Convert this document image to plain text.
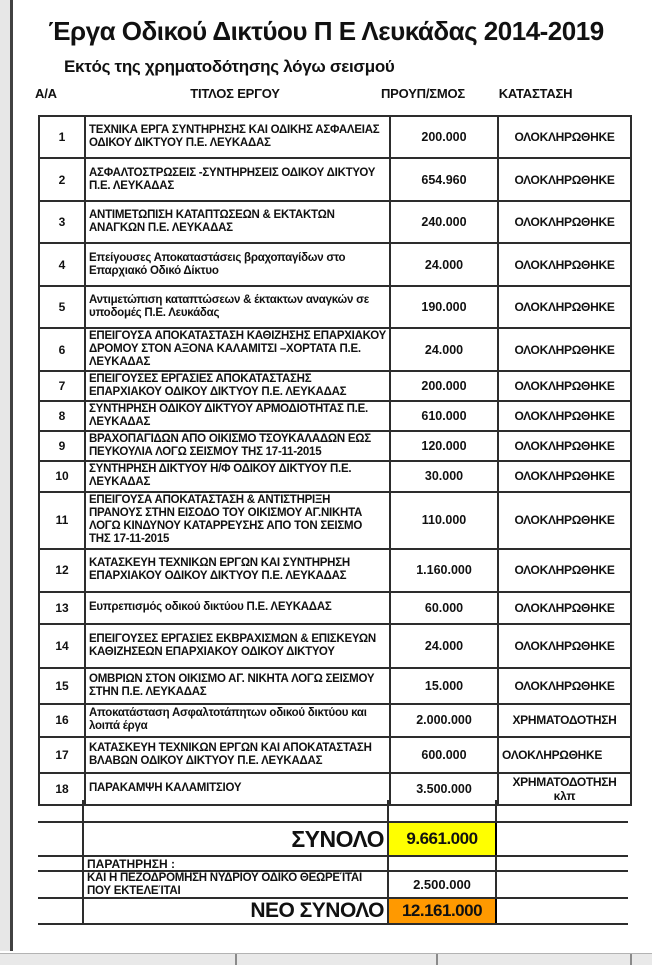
Έργα Οδικού Δικτύου Π Ε Λευκάδας 2014-2019
Εκτός της χρηματοδότησης λόγω σεισμού
Α/Α	ΤΙΤΛΟΣ ΕΡΓΟΥ	ΠΡΟΥΠ/ΣΜΟΣ	ΚΑΤΑΣΤΑΣΗ
1	ΤΕΧΝΙΚΑ ΕΡΓΑ ΣΥΝΤΗΡΗΣΗΣ ΚΑΙ ΟΔΙΚΗΣ ΑΣΦΑΛΕΙΑΣ ΟΔΙΚΟΥ ΔΙΚΤΥΟΥ Π.Ε. ΛΕΥΚΑΔΑΣ	200.000	ΟΛΟΚΛΗΡΩΘΗΚΕ
2	ΑΣΦΑΛΤΟΣΤΡΩΣΕΙΣ -ΣΥΝΤΗΡΗΣΕΙΣ ΟΔΙΚΟΥ ΔΙΚΤΥΟΥ Π.Ε. ΛΕΥΚΑΔΑΣ	654.960	ΟΛΟΚΛΗΡΩΘΗΚΕ
3	ΑΝΤΙΜΕΤΩΠΙΣΗ ΚΑΤΑΠΤΩΣΕΩΝ & ΕΚΤΑΚΤΩΝ ΑΝΑΓΚΩΝ Π.Ε. ΛΕΥΚΑΔΑΣ	240.000	ΟΛΟΚΛΗΡΩΘΗΚΕ
4	Επείγουσες Αποκαταστάσεις βραχοπαγίδων στο Επαρχιακό Οδικό Δίκτυο	24.000	ΟΛΟΚΛΗΡΩΘΗΚΕ
5	Αντιμετώπιση καταπτώσεων & έκτακτων αναγκών σε υποδομές Π.Ε. Λευκάδας	190.000	ΟΛΟΚΛΗΡΩΘΗΚΕ
6	ΕΠΕΙΓΟΥΣΑ ΑΠΟΚΑΤΑΣΤΑΣΗ ΚΑΘΙΖΗΣΗΣ ΕΠΑΡΧΙΑΚΟΥ ΔΡΟΜΟΥ ΣΤΟΝ ΑΞΟΝΑ ΚΑΛΑΜΙΤΣΙ –ΧΟΡΤΑΤΑ Π.Ε. ΛΕΥΚΑΔΑΣ	24.000	ΟΛΟΚΛΗΡΩΘΗΚΕ
7	ΕΠΕΙΓΟΥΣΕΣ ΕΡΓΑΣΙΕΣ ΑΠΟΚΑΤΑΣΤΑΣΗΣ ΕΠΑΡΧΙΑΚΟΥ ΟΔΙΚΟΥ ΔΙΚΤΥΟΥ Π.Ε. ΛΕΥΚΑΔΑΣ	200.000	ΟΛΟΚΛΗΡΩΘΗΚΕ
8	ΣΥΝΤΗΡΗΣΗ ΟΔΙΚΟΥ ΔΙΚΤΥΟΥ ΑΡΜΟΔΙΟΤΗΤΑΣ Π.Ε. ΛΕΥΚΑΔΑΣ	610.000	ΟΛΟΚΛΗΡΩΘΗΚΕ
9	ΒΡΑΧΟΠΑΓΙΔΩΝ ΑΠΟ ΟΙΚΙΣΜΟ ΤΣΟΥΚΑΛΑΔΩΝ ΕΩΣ ΠΕΥΚΟΥΛΙΑ ΛΟΓΩ ΣΕΙΣΜΟΥ ΤΗΣ 17-11-2015	120.000	ΟΛΟΚΛΗΡΩΘΗΚΕ
10	ΣΥΝΤΗΡΗΣΗ ΔΙΚΤΥΟΥ Η/Φ ΟΔΙΚΟΥ ΔΙΚΤΥΟΥ Π.Ε. ΛΕΥΚΑΔΑΣ	30.000	ΟΛΟΚΛΗΡΩΘΗΚΕ
11	ΕΠΕΙΓΟΥΣΑ ΑΠΟΚΑΤΑΣΤΑΣΗ & ΑΝΤΙΣΤΗΡΙΞΗ ΠΡΑΝΟΥΣ ΣΤΗΝ ΕΙΣΟΔΟ ΤΟΥ ΟΙΚΙΣΜΟΥ ΑΓ.ΝΙΚΗΤΑ ΛΟΓΩ ΚΙΝΔΥΝΟΥ ΚΑΤΑΡΡΕΥΣΗΣ ΑΠΟ ΤΟΝ ΣΕΙΣΜΟ ΤΗΣ 17-11-2015	110.000	ΟΛΟΚΛΗΡΩΘΗΚΕ
12	ΚΑΤΑΣΚΕΥΗ ΤΕΧΝΙΚΩΝ ΕΡΓΩΝ ΚΑΙ ΣΥΝΤΗΡΗΣΗ ΕΠΑΡΧΙΑΚΟΥ ΟΔΙΚΟΥ ΔΙΚΤΥΟΥ Π.Ε. ΛΕΥΚΑΔΑΣ	1.160.000	ΟΛΟΚΛΗΡΩΘΗΚΕ
13	Ευπρεπισμός οδικού δικτύου Π.Ε. ΛΕΥΚΑΔΑΣ	60.000	ΟΛΟΚΛΗΡΩΘΗΚΕ
14	ΕΠΕΙΓΟΥΣΕΣ ΕΡΓΑΣΙΕΣ ΕΚΒΡΑΧΙΣΜΩΝ & ΕΠΙΣΚΕΥΩΝ ΚΑΘΙΖΗΣΕΩΝ ΕΠΑΡΧΙΑΚΟΥ ΟΔΙΚΟΥ ΔΙΚΤΥΟΥ	24.000	ΟΛΟΚΛΗΡΩΘΗΚΕ
15	ΟΜΒΡΙΩΝ ΣΤΟΝ ΟΙΚΙΣΜΟ ΑΓ. ΝΙΚΗΤΑ ΛΟΓΩ ΣΕΙΣΜΟΥ ΣΤΗΝ Π.Ε. ΛΕΥΚΑΔΑΣ	15.000	ΟΛΟΚΛΗΡΩΘΗΚΕ
16	Αποκατάσταση Ασφαλτοτάπητων οδικού δικτύου και λοιπά έργα	2.000.000	ΧΡΗΜΑΤΟΔΟΤΗΣΗ
17	ΚΑΤΑΣΚΕΥΗ ΤΕΧΝΙΚΩΝ ΕΡΓΩΝ ΚΑΙ ΑΠΟΚΑΤΑΣΤΑΣΗ ΒΛΑΒΩΝ ΟΔΙΚΟΥ ΔΙΚΤΥΟΥ Π.Ε. ΛΕΥΚΑΔΑΣ	600.000	ΟΛΟΚΛΗΡΩΘΗΚΕ
18	ΠΑΡΑΚΑΜΨΗ ΚΑΛΑΜΙΤΣΙΟΥ	3.500.000	ΧΡΗΜΑΤΟΔΟΤΗΣΗ κλπ

	ΣΥΝΟΛΟ	9.661.000	
	ΠΑΡΑΤΗΡΗΣΗ :		
	ΚΑΙ Η ΠΕΖΟΔΡΟΜΗΣΗ ΝΥΔΡΙΟΥ ΟΔΙΚΟ ΘΕΩΡΕΊΤΑΙ ΠΟΥ ΕΚΤΕΛΕΊΤΑΙ	2.500.000	
	ΝΕΟ ΣΥΝΟΛΟ	12.161.000	
